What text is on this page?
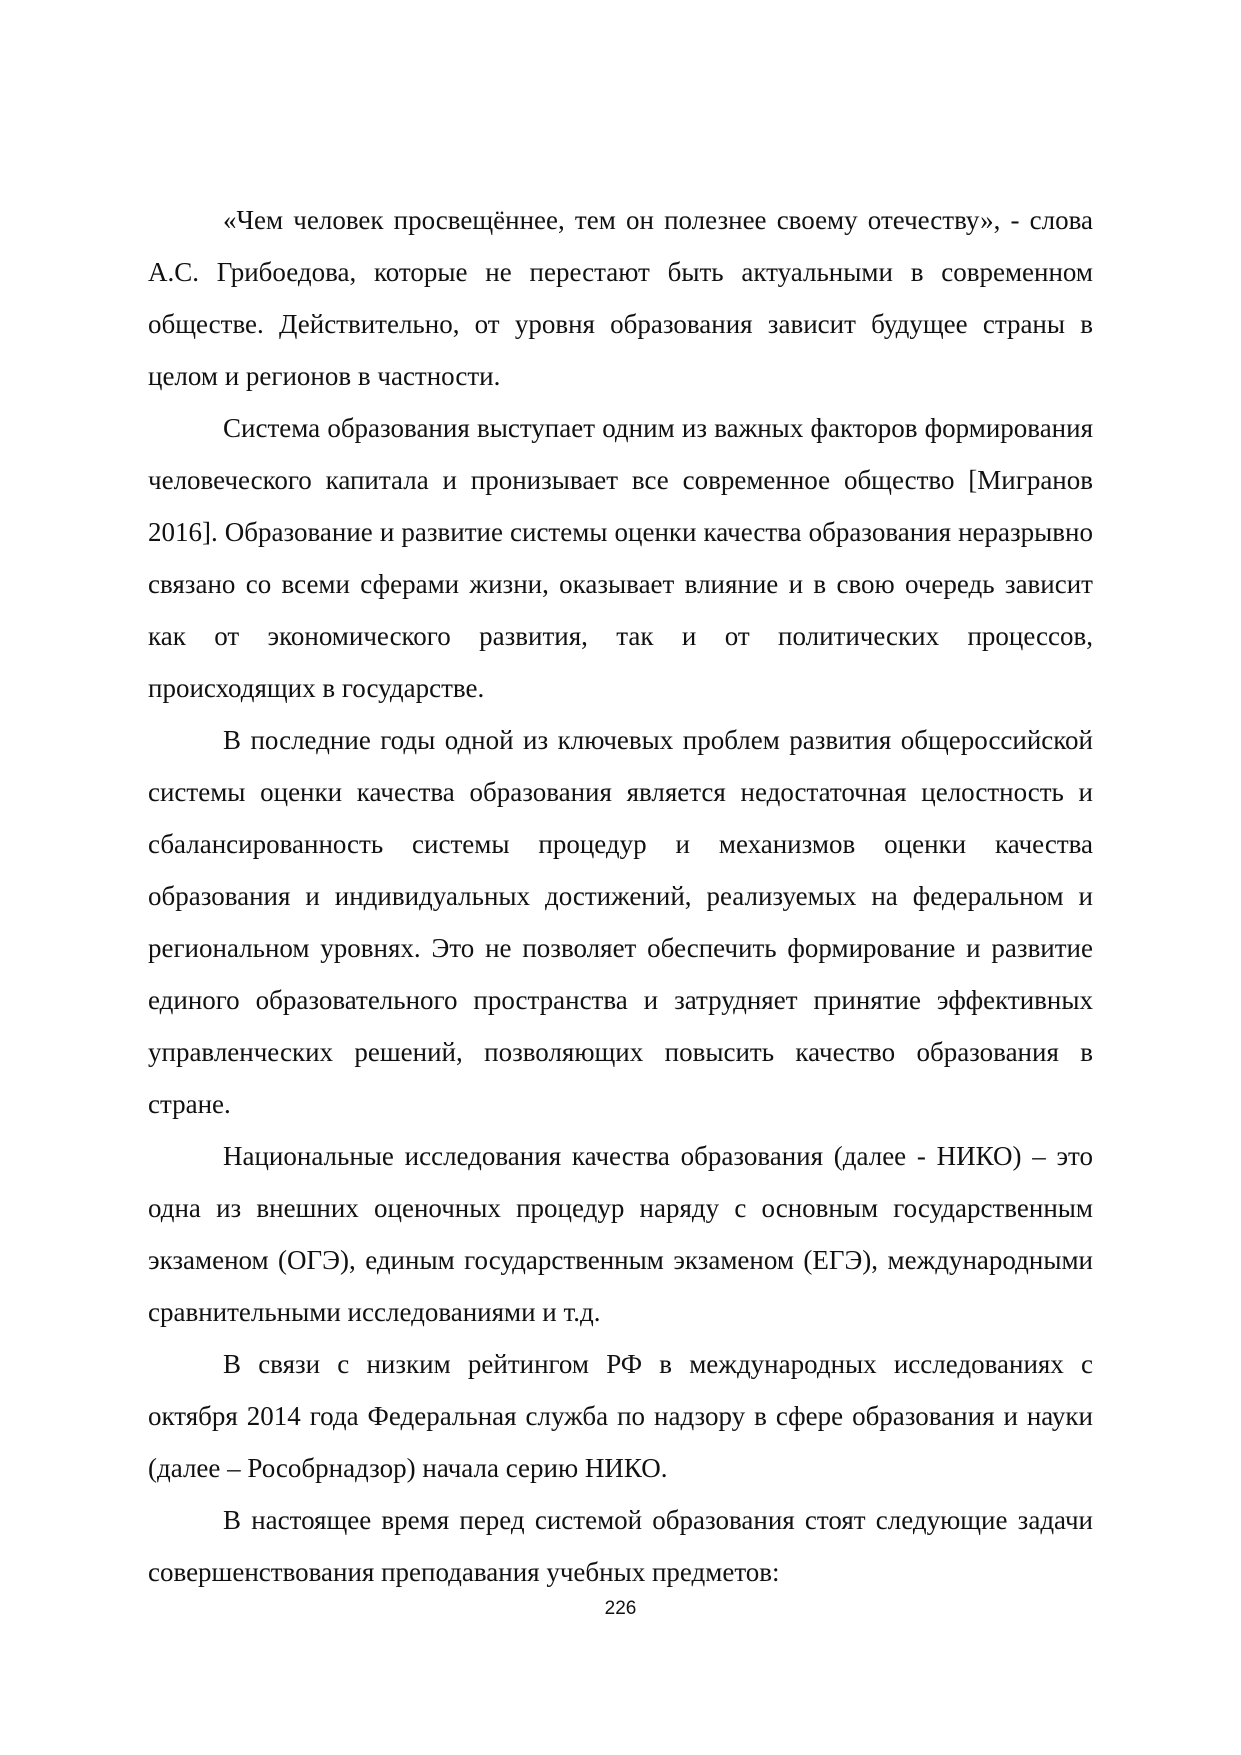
«Чем человек просвещённее, тем он полезнее своему отечеству», - слова А.С. Грибоедова, которые не перестают быть актуальными в современном обществе. Действительно, от уровня образования зависит будущее страны в целом и регионов в частности.

Система образования выступает одним из важных факторов формирования человеческого капитала и пронизывает все современное общество [Мигранов 2016]. Образование и развитие системы оценки качества образования неразрывно связано со всеми сферами жизни, оказывает влияние и в свою очередь зависит как от экономического развития, так и от политических процессов, происходящих в государстве.

В последние годы одной из ключевых проблем развития общероссийской системы оценки качества образования является недостаточная целостность и сбалансированность системы процедур и механизмов оценки качества образования и индивидуальных достижений, реализуемых на федеральном и региональном уровнях. Это не позволяет обеспечить формирование и развитие единого образовательного пространства и затрудняет принятие эффективных управленческих решений, позволяющих повысить качество образования в стране.

Национальные исследования качества образования (далее - НИКО) – это одна из внешних оценочных процедур наряду с основным государственным экзаменом (ОГЭ), единым государственным экзаменом (ЕГЭ), международными сравнительными исследованиями и т.д.

В связи с низким рейтингом РФ в международных исследованиях с октября 2014 года Федеральная служба по надзору в сфере образования и науки (далее – Рособрнадзор) начала серию НИКО.

В настоящее время перед системой образования стоят следующие задачи совершенствования преподавания учебных предметов:

226
